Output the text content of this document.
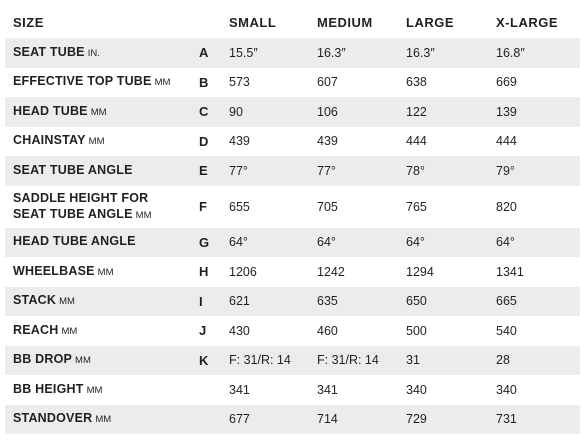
SIZE		SMALL	MEDIUM	LARGE	X-LARGE
SEAT TUBE IN.	A	15.5″	16.3″	16.3″	16.8″
EFFECTIVE TOP TUBE MM	B	573	607	638	669
HEAD TUBE MM	C	90	106	122	139
CHAINSTAY MM	D	439	439	444	444
SEAT TUBE ANGLE	E	77°	77°	78°	79°

SADDLE HEIGHT FOR
SEAT TUBE ANGLE MM	F	655	705	765	820
HEAD TUBE ANGLE	G	64°	64°	64°	64°
WHEELBASE MM	H	1206	1242	1294	1341
STACK MM	I	621	635	650	665
REACH MM	J	430	460	500	540
BB DROP MM	K	F: 31/R: 14	F: 31/R: 14	31	28
BB HEIGHT MM		341	341	340	340
STANDOVER MM		677	714	729	731
